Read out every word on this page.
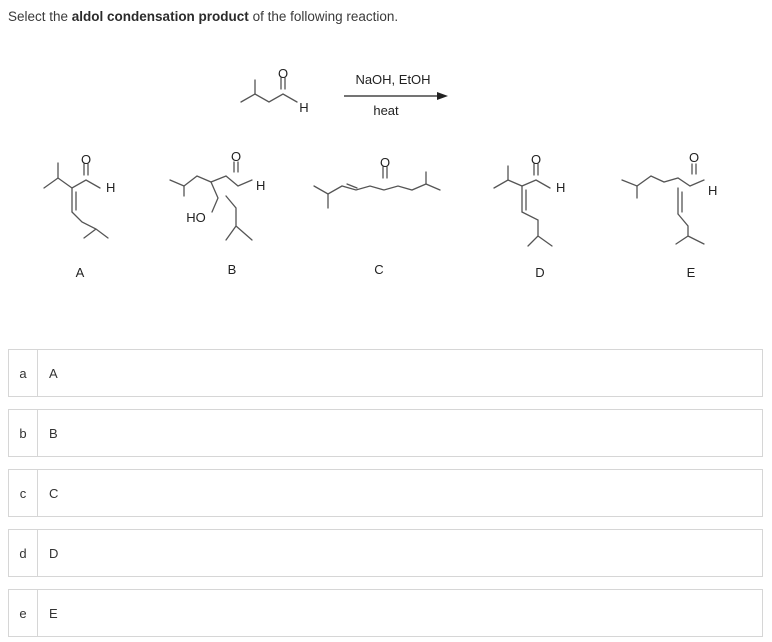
Select the aldol condensation product of the following reaction.
O
H
NaOH, EtOH
heat
O
H
A
O
H
HO
B
O
C
O
H
D
O
H
E
a	A
b	B
c	C
d	D
e	E
